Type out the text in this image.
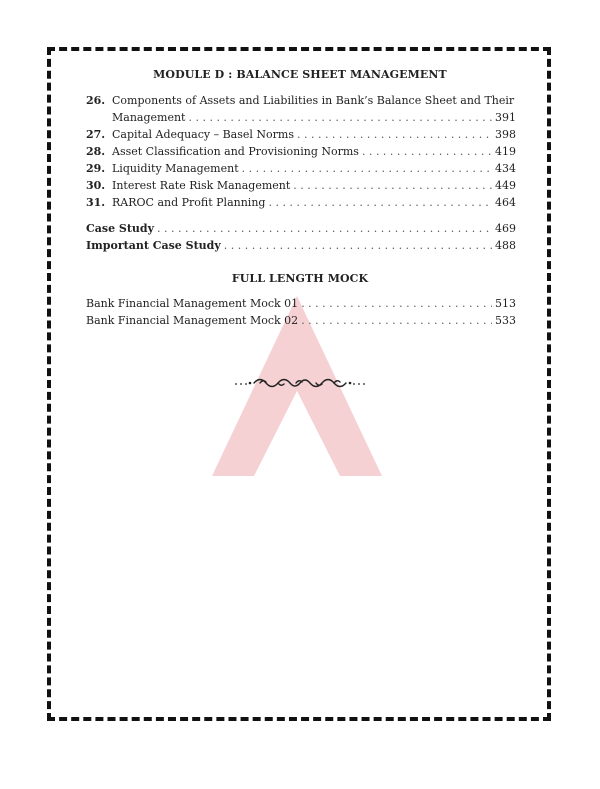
MODULE D : BALANCE SHEET MANAGEMENT
26. Components of Assets and Liabilities in Bank’s Balance Sheet and Their
Management . . .	391
27. Capital Adequacy – Basel Norms . . .	398
28. Asset Classification and Provisioning Norms . . .	419
29. Liquidity Management . . .	434
30. Interest Rate Risk Management . . .	449
31. RAROC and Profit Planning . . .	464
Case Study . . .	469
Important Case Study . . .	488
FULL LENGTH MOCK
Bank Financial Management Mock 01 . . .	513
Bank Financial Management Mock 02 . . .	533
